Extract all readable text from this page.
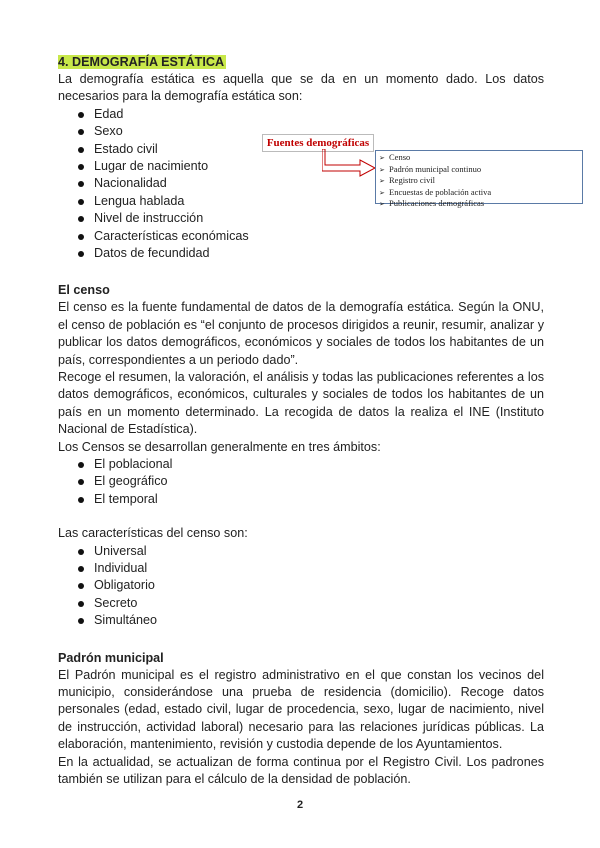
4. DEMOGRAFÍA ESTÁTICA

La demografía estática es aquella que se da en un momento dado. Los datos necesarios para la demografía estática son:

Edad
Sexo
Estado civil
Lugar de nacimiento
Nacionalidad
Lengua hablada
Nivel de instrucción
Características económicas
Datos de fecundidad
El censo

El censo es la fuente fundamental de datos de la demografía estática. Según la ONU, el censo de población es “el conjunto de procesos dirigidos a reunir, resumir, analizar y publicar los datos demográficos, económicos y sociales de todos los habitantes de un país, correspondientes a un periodo dado”.

Recoge el resumen, la valoración, el análisis y todas las publicaciones referentes a los datos demográficos, económicos, culturales y sociales de todos los habitantes de un país en un momento determinado. La recogida de datos la realiza el INE (Instituto Nacional de Estadística).

Los Censos se desarrollan generalmente en tres ámbitos:

El poblacional
El geográfico
El temporal

Las características del censo son:

Universal
Individual
Obligatorio
Secreto
Simultáneo
Padrón municipal

El Padrón municipal es el registro administrativo en el que constan los vecinos del municipio, considerándose una prueba de residencia (domicilio). Recoge datos personales (edad, estado civil, lugar de procedencia, sexo, lugar de nacimiento, nivel de instrucción, actividad laboral) necesario para las relaciones jurídicas públicas. La elaboración, mantenimiento, revisión y custodia depende de los Ayuntamientos.

En la actualidad, se actualizan de forma continua por el Registro Civil. Los padrones también se utilizan para el cálculo de la densidad de población.

Fuentes demográficas
➢ Censo
➢ Padrón municipal continuo
➢ Registro civil
➢ Encuestas de población activa
➢ Publicaciones demográficas
2
